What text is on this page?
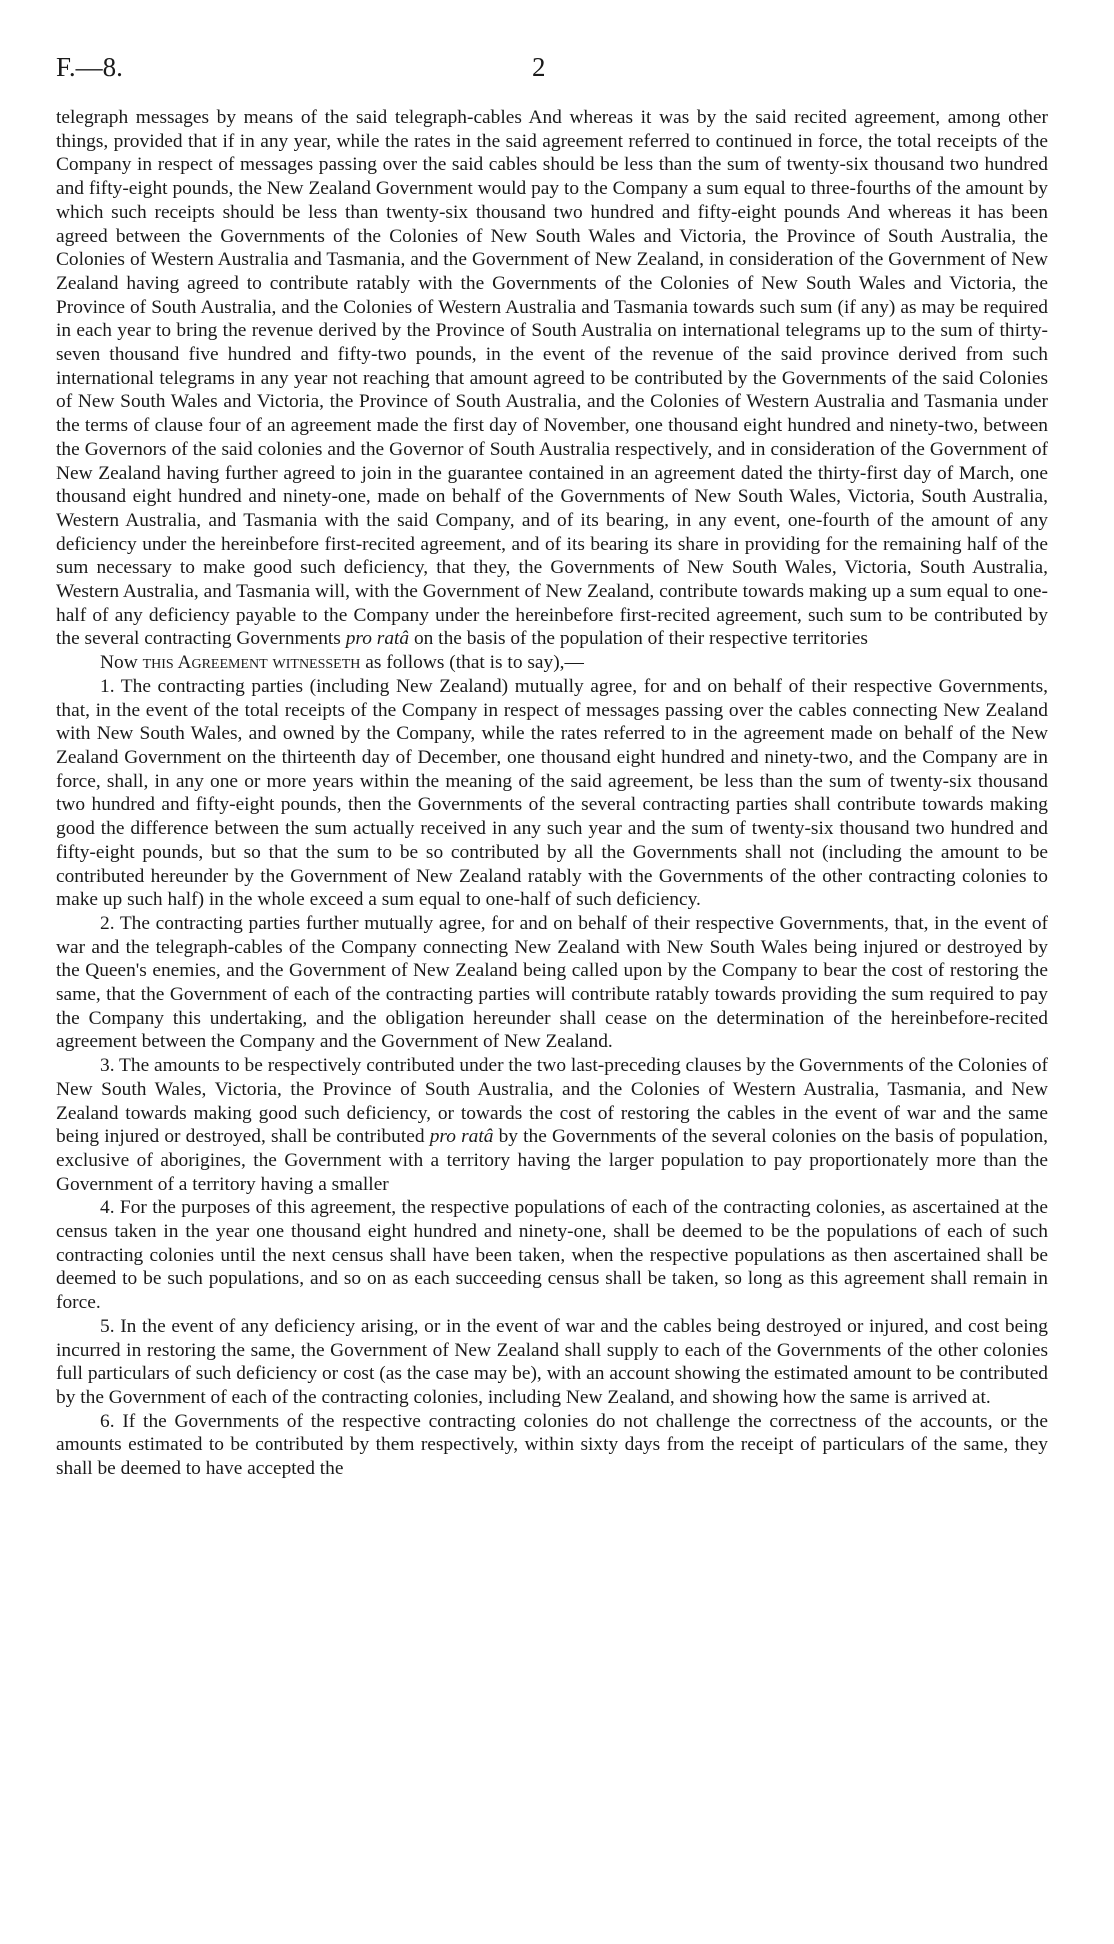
F.—8.	2

telegraph messages by means of the said telegraph-cables And whereas it was by the said recited agreement, among other things, provided that if in any year, while the rates in the said agreement referred to continued in force, the total receipts of the Company in respect of messages passing over the said cables should be less than the sum of twenty-six thousand two hundred and fifty-eight pounds, the New Zealand Government would pay to the Company a sum equal to three-fourths of the amount by which such receipts should be less than twenty-six thousand two hundred and fifty-eight pounds And whereas it has been agreed between the Governments of the Colonies of New South Wales and Victoria, the Province of South Australia, the Colonies of Western Australia and Tasmania, and the Government of New Zealand, in consideration of the Government of New Zealand having agreed to contribute ratably with the Governments of the Colonies of New South Wales and Victoria, the Province of South Australia, and the Colonies of Western Australia and Tasmania towards such sum (if any) as may be required in each year to bring the revenue derived by the Province of South Australia on international telegrams up to the sum of thirty-seven thousand five hundred and fifty-two pounds, in the event of the revenue of the said province derived from such international telegrams in any year not reaching that amount agreed to be contributed by the Governments of the said Colonies of New South Wales and Victoria, the Province of South Australia, and the Colonies of Western Australia and Tasmania under the terms of clause four of an agreement made the first day of November, one thousand eight hundred and ninety-two, between the Governors of the said colonies and the Governor of South Australia respectively, and in consideration of the Government of New Zealand having further agreed to join in the guarantee contained in an agreement dated the thirty-first day of March, one thousand eight hundred and ninety-one, made on behalf of the Governments of New South Wales, Victoria, South Australia, Western Australia, and Tasmania with the said Company, and of its bearing, in any event, one-fourth of the amount of any deficiency under the hereinbefore first-recited agreement, and of its bearing its share in providing for the remaining half of the sum necessary to make good such deficiency, that they, the Governments of New South Wales, Victoria, South Australia, Western Australia, and Tasmania will, with the Government of New Zealand, contribute towards making up a sum equal to one-half of any deficiency payable to the Company under the hereinbefore first-recited agreement, such sum to be contributed by the several contracting Governments pro ratâ on the basis of the population of their respective territories

Now this Agreement witnesseth as follows (that is to say),—

1. The contracting parties (including New Zealand) mutually agree, for and on behalf of their respective Governments, that, in the event of the total receipts of the Company in respect of messages passing over the cables connecting New Zealand with New South Wales, and owned by the Company, while the rates referred to in the agreement made on behalf of the New Zealand Government on the thirteenth day of December, one thousand eight hundred and ninety-two, and the Company are in force, shall, in any one or more years within the meaning of the said agreement, be less than the sum of twenty-six thousand two hundred and fifty-eight pounds, then the Governments of the several contracting parties shall contribute towards making good the difference between the sum actually received in any such year and the sum of twenty-six thousand two hundred and fifty-eight pounds, but so that the sum to be so contributed by all the Governments shall not (including the amount to be contributed hereunder by the Government of New Zealand ratably with the Governments of the other contracting colonies to make up such half) in the whole exceed a sum equal to one-half of such deficiency.

2. The contracting parties further mutually agree, for and on behalf of their respective Governments, that, in the event of war and the telegraph-cables of the Company connecting New Zealand with New South Wales being injured or destroyed by the Queen's enemies, and the Government of New Zealand being called upon by the Company to bear the cost of restoring the same, that the Government of each of the contracting parties will contribute ratably towards providing the sum required to pay the Company this undertaking, and the obligation hereunder shall cease on the determination of the hereinbefore-recited agreement between the Company and the Government of New Zealand.

3. The amounts to be respectively contributed under the two last-preceding clauses by the Governments of the Colonies of New South Wales, Victoria, the Province of South Australia, and the Colonies of Western Australia, Tasmania, and New Zealand towards making good such deficiency, or towards the cost of restoring the cables in the event of war and the same being injured or destroyed, shall be contributed pro ratâ by the Governments of the several colonies on the basis of population, exclusive of aborigines, the Government with a territory having the larger population to pay proportionately more than the Government of a territory having a smaller

4. For the purposes of this agreement, the respective populations of each of the contracting colonies, as ascertained at the census taken in the year one thousand eight hundred and ninety-one, shall be deemed to be the populations of each of such contracting colonies until the next census shall have been taken, when the respective populations as then ascertained shall be deemed to be such populations, and so on as each succeeding census shall be taken, so long as this agreement shall remain in force.

5. In the event of any deficiency arising, or in the event of war and the cables being destroyed or injured, and cost being incurred in restoring the same, the Government of New Zealand shall supply to each of the Governments of the other colonies full particulars of such deficiency or cost (as the case may be), with an account showing the estimated amount to be contributed by the Government of each of the contracting colonies, including New Zealand, and showing how the same is arrived at.

6. If the Governments of the respective contracting colonies do not challenge the correctness of the accounts, or the amounts estimated to be contributed by them respectively, within sixty days from the receipt of particulars of the same, they shall be deemed to have accepted the
